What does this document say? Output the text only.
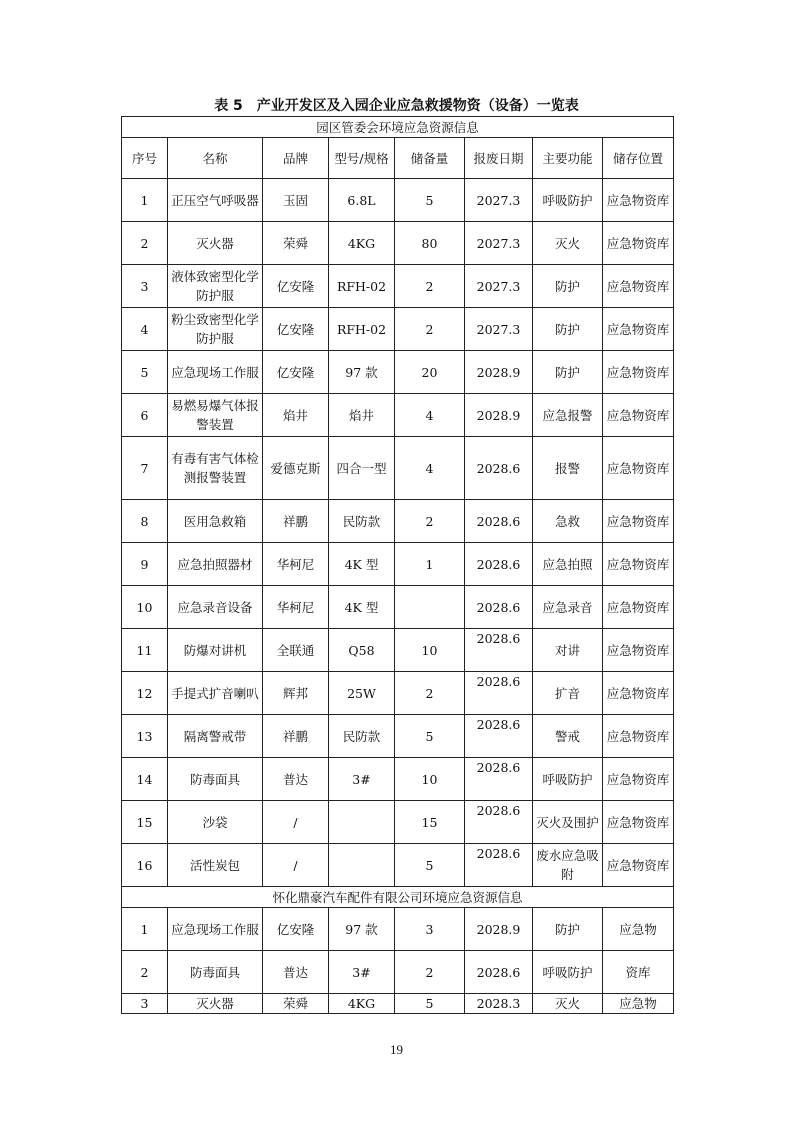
表 5　产业开发区及入园企业应急救援物资（设备）一览表
园区管委会环境应急资源信息							
序号	名称	品牌	型号/规格	储备量	报废日期	主要功能	储存位置
1	正压空气呼吸器	玉固	6.8L	5	2027.3	呼吸防护	应急物资库
2	灭火器	荣舜	4KG	80	2027.3	灭火	应急物资库
3	液体致密型化学防护服	亿安隆	RFH-02	2	2027.3	防护	应急物资库
4	粉尘致密型化学防护服	亿安隆	RFH-02	2	2027.3	防护	应急物资库
5	应急现场工作服	亿安隆	97 款	20	2028.9	防护	应急物资库
6	易燃易爆气体报警装置	焰井	焰井	4	2028.9	应急报警	应急物资库
7	有毒有害气体检测报警装置	爱德克斯	四合一型	4	2028.6	报警	应急物资库
8	医用急救箱	祥鹏	民防款	2	2028.6	急救	应急物资库
9	应急拍照器材	华柯尼	4K 型	1	2028.6	应急拍照	应急物资库
10	应急录音设备	华柯尼	4K 型		2028.6	应急录音	应急物资库
11	防爆对讲机	全联通	Q58	10	2028.6	对讲	应急物资库
12	手提式扩音喇叭	辉邦	25W	2	2028.6	扩音	应急物资库
13	隔离警戒带	祥鹏	民防款	5	2028.6	警戒	应急物资库
14	防毒面具	普达	3#	10	2028.6	呼吸防护	应急物资库
15	沙袋	/		15	2028.6	灭火及围护	应急物资库
16	活性炭包	/		5	2028.6	废水应急吸附	应急物资库
怀化鼎豪汽车配件有限公司环境应急资源信息							
1	应急现场工作服	亿安隆	97 款	3	2028.9	防护	应急物
2	防毒面具	普达	3#	2	2028.6	呼吸防护	资库
3	灭火器	荣舜	4KG	5	2028.3	灭火	应急物
19
